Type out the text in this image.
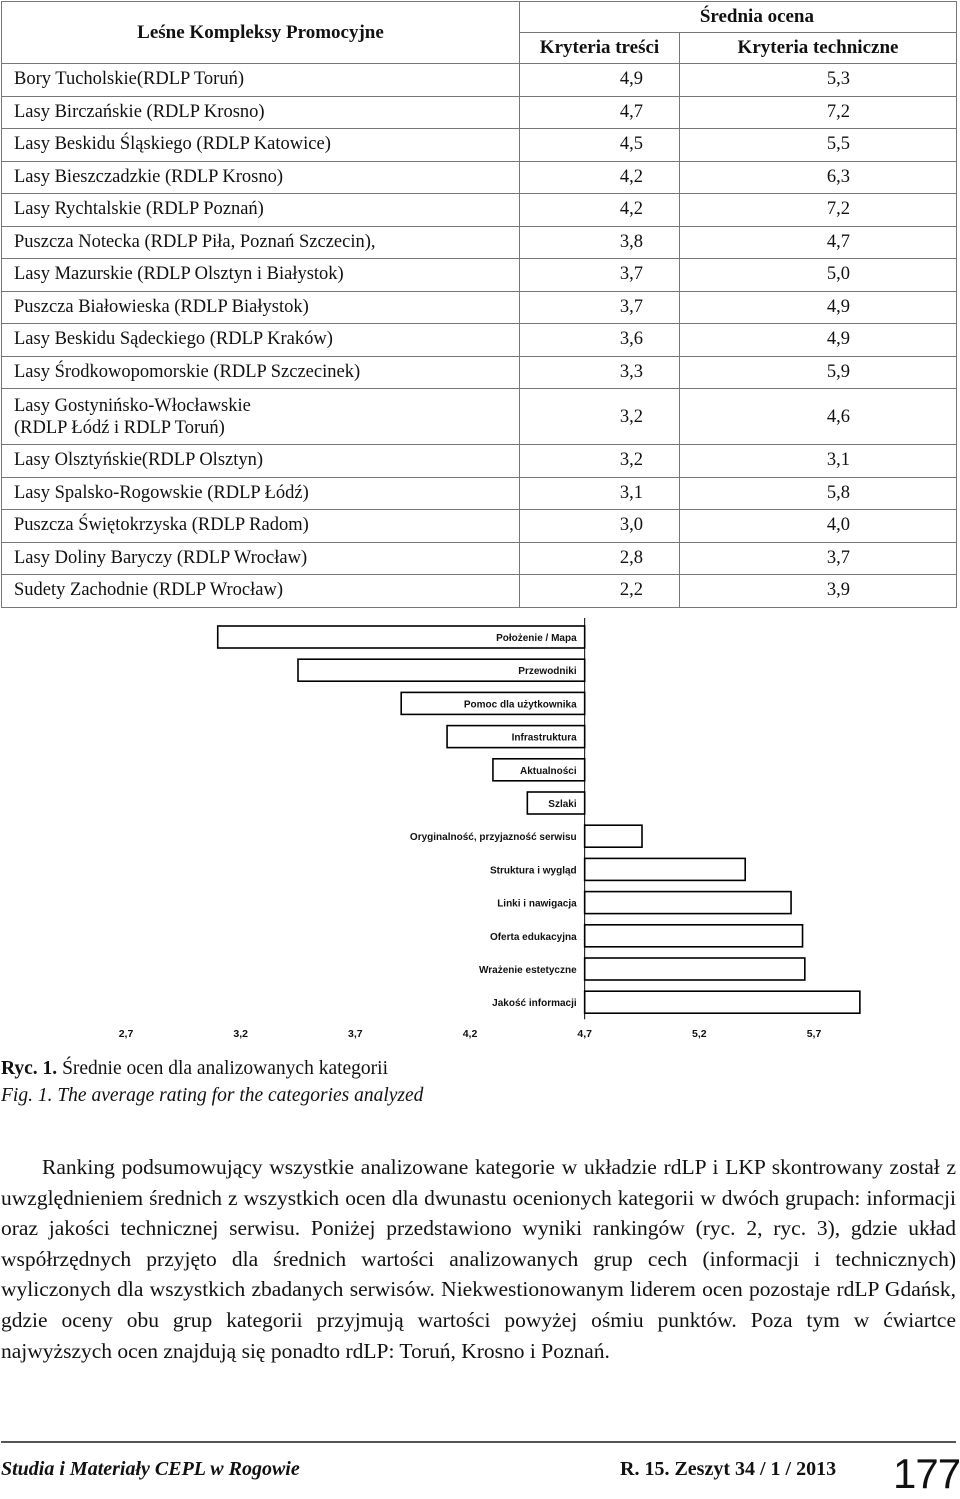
Leśne Kompleksy Promocyjne	Średnia ocena	
	Kryteria treści	Kryteria techniczne
Bory Tucholskie(RDLP Toruń)	4,9	5,3
Lasy Birczańskie (RDLP Krosno)	4,7	7,2
Lasy Beskidu Śląskiego (RDLP Katowice)	4,5	5,5
Lasy Bieszczadzkie (RDLP Krosno)	4,2	6,3
Lasy Rychtalskie (RDLP Poznań)	4,2	7,2
Puszcza Notecka (RDLP Piła, Poznań Szczecin),	3,8	4,7
Lasy Mazurskie (RDLP Olsztyn i Białystok)	3,7	5,0
Puszcza Białowieska (RDLP Białystok)	3,7	4,9
Lasy Beskidu Sądeckiego (RDLP Kraków)	3,6	4,9
Lasy Środkowopomorskie (RDLP Szczecinek)	3,3	5,9
Lasy Gostynińsko-Włocławskie
(RDLP Łódź i RDLP Toruń)	3,2	4,6
Lasy Olsztyńskie(RDLP Olsztyn)	3,2	3,1
Lasy Spalsko-Rogowskie (RDLP Łódź)	3,1	5,8
Puszcza Świętokrzyska (RDLP Radom)	3,0	4,0
Lasy Doliny Baryczy (RDLP Wrocław)	2,8	3,7
Sudety Zachodnie (RDLP Wrocław)	2,2	3,9
Położenie / Mapa
Przewodniki
Pomoc dla użytkownika
Infrastruktura
Aktualności
Szlaki
Oryginalność, przyjazność serwisu
Struktura i wygląd
Linki i nawigacja
Oferta edukacyjna
Wrażenie estetyczne
Jakość informacji
2,7	3,2	3,7	4,2	4,7	5,2	5,7
Ryc. 1. Średnie ocen dla analizowanych kategorii
Fig. 1. The average rating for the categories analyzed

Ranking podsumowujący wszystkie analizowane kategorie w układzie rdLP i LKP skontrowany został z uwzględnieniem średnich z wszystkich ocen dla dwunastu ocenionych kategorii w dwóch grupach: informacji oraz jakości technicznej serwisu. Poniżej przedstawiono wyniki rankingów (ryc. 2, ryc. 3), gdzie układ współrzędnych przyjęto dla średnich wartości analizowanych grup cech (informacji i technicznych) wyliczonych dla wszystkich zbadanych serwisów. Niekwestionowanym liderem ocen pozostaje rdLP Gdańsk, gdzie oceny obu grup kategorii przyjmują wartości powyżej ośmiu punktów. Poza tym w ćwiartce najwyższych ocen znajdują się ponadto rdLP: Toruń, Krosno i Poznań.

Studia i Materiały CEPL w Rogowie	R. 15. Zeszyt 34 / 1 / 2013 177
